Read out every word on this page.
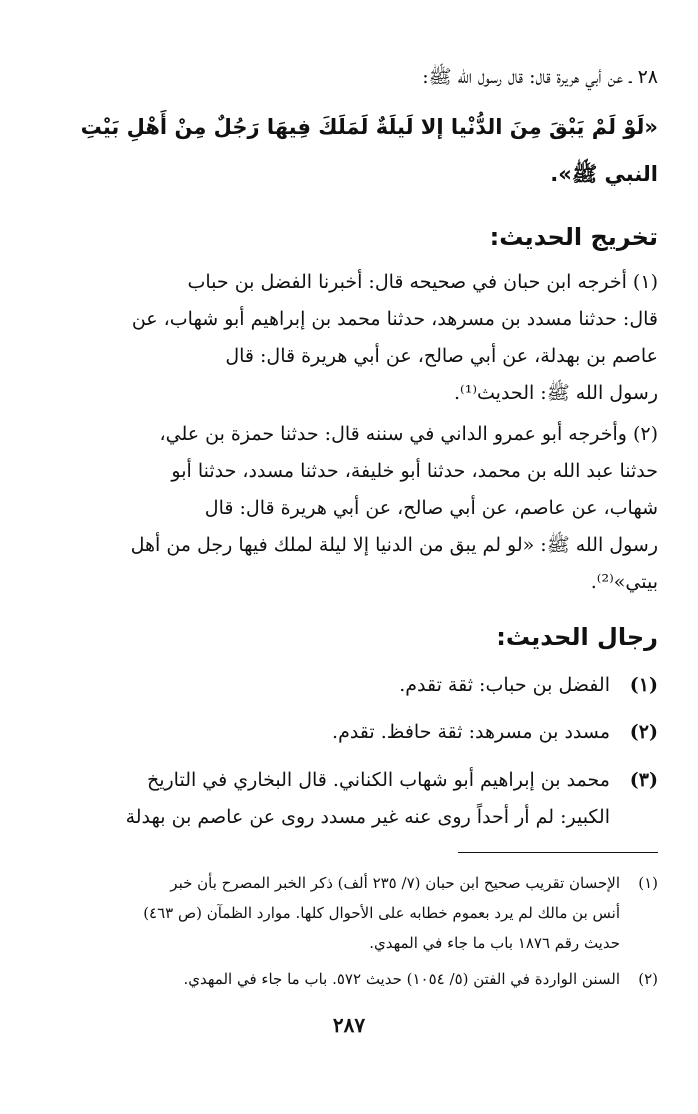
٢٨ ـ عن أبي هريرة قال: قال رسول الله ﷺ:
«لَوْ لَمْ يَبْقَ مِنَ الدُّنْيا إلا لَيلَةٌ لَمَلَكَ فِيهَا رَجُلٌ مِنْ أَهْلِ بَيْتِ
النبي ﷺ».
تخريج الحديث:
(١) أخرجه ابن حبان في صحيحه قال: أخبرنا الفضل بن حباب
قال: حدثنا مسدد بن مسرهد، حدثنا محمد بن إبراهيم أبو شهاب، عن
عاصم بن بهدلة، عن أبي صالح، عن أبي هريرة قال: قال
رسول الله ﷺ: الحديث⁽¹⁾.
(٢) وأخرجه أبو عمرو الداني في سننه قال: حدثنا حمزة بن علي،
حدثنا عبد الله بن محمد، حدثنا أبو خليفة، حدثنا مسدد، حدثنا أبو
شهاب، عن عاصم، عن أبي صالح، عن أبي هريرة قال: قال
رسول الله ﷺ: «لو لم يبق من الدنيا إلا ليلة لملك فيها رجل من أهل
بيتي»⁽²⁾.
رجال الحديث:
(١)
الفضل بن حباب: ثقة تقدم.
(٢)
مسدد بن مسرهد: ثقة حافظ. تقدم.
(٣)
محمد بن إبراهيم أبو شهاب الكناني. قال البخاري في التاريخ
الكبير: لم أر أحداً روى عنه غير مسدد روى عن عاصم بن بهدلة
(١)
الإحسان تقريب صحيح ابن حبان (٧/ ٢٣٥ ألف) ذكر الخبر المصرح بأن خبر
أنس بن مالك لم يرد بعموم خطابه على الأحوال كلها. موارد الظمآن (ص ٤٦٣)
حديث رقم ١٨٧٦ باب ما جاء في المهدي.
(٢)
السنن الواردة في الفتن (٥/ ١٠٥٤) حديث ٥٧٢. باب ما جاء في المهدي.
٢٨٧
